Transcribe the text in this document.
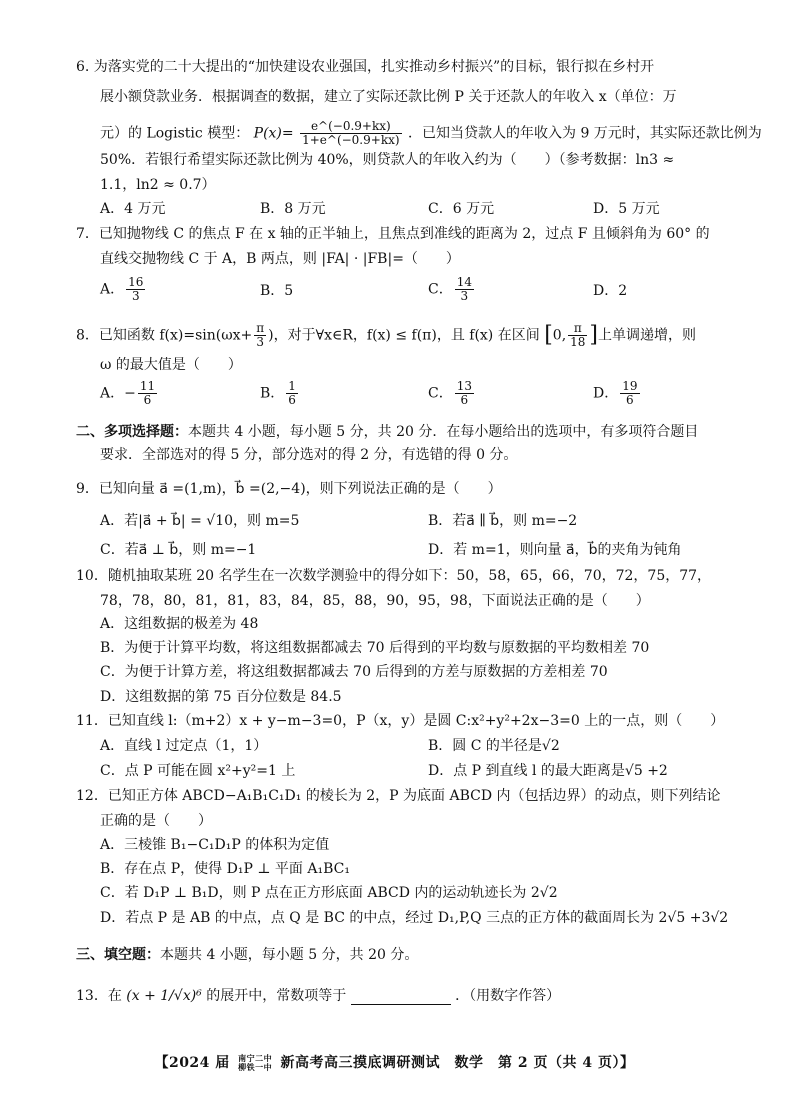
6. 为落实党的二十大提出的“加快建设农业强国，扎实推动乡村振兴”的目标，银行拟在乡村开
展小额贷款业务．根据调查的数据，建立了实际还款比例 P 关于还款人的年收入 x（单位：万
元）的 Logistic 模型： $P(x)= \frac{e\^{}(-0.9+kx)}{1+e\^{}(-0.9+kx)}$ ．已知当贷款人的年收入为 9 万元时，其实际还款比例为
50%．若银行希望实际还款比例为 40%，则贷款人的年收入约为（　　）（参考数据：ln3 ≈
1.1，ln2 ≈ 0.7）
A．4 万元	B．8 万元	C．6 万元	D．5 万元
7．已知抛物线 C 的焦点 F 在 x 轴的正半轴上，且焦点到准线的距离为 2，过点 F 且倾斜角为 60° 的
直线交抛物线 C 于 A，B 两点，则 |FA| · |FB|=（　　）
A． $\frac{16}{3}$	B．5	C． $\frac{14}{3}$	D．2
8．已知函数 $f(x)=\sin(\omega x+ \frac{\pi}{3}$ )，对于∀x∈R，f(x) ≤ f(π)，且 f(x) 在区间 [0, $\frac{\pi}{18}$ ]上单调递增，则
ω 的最大值是（　　）
A．− $\frac{11}{6}$	B． $\frac{1}{6}$	C． $\frac{13}{6}$	D． $\frac{19}{6}$
二、多项选择题：本题共 4 小题，每小题 5 分，共 20 分．在每小题给出的选项中，有多项符合题目
要求．全部选对的得 5 分，部分选对的得 2 分，有选错的得 0 分。
9．已知向量 a⃗ =(1,m)，b⃗ =(2,−4)，则下列说法正确的是（　　）
A．若|a⃗ + b⃗| = √10，则 m=5	B．若a⃗ ∥ b⃗，则 m=−2
C．若a⃗ ⊥ b⃗，则 m=−1	D．若 m=1，则向量 a⃗，b⃗的夹角为钝角
10．随机抽取某班 20 名学生在一次数学测验中的得分如下：50，58，65，66，70，72，75，77，
78，78，80，81，81，83，84，85，88，90，95，98，下面说法正确的是（　　）
A．这组数据的极差为 48
B．为便于计算平均数，将这组数据都减去 70 后得到的平均数与原数据的平均数相差 70
C．为便于计算方差，将这组数据都减去 70 后得到的方差与原数据的方差相差 70
D．这组数据的第 75 百分位数是 84.5
11．已知直线 l:（m+2）x + y−m−3=0，P（x，y）是圆 C:x²+y²+2x−3=0 上的一点，则（　　）
A．直线 l 过定点（1，1）	B．圆 C 的半径是√2
C．点 P 可能在圆 x²+y²=1 上	D．点 P 到直线 l 的最大距离是√5 +2
12．已知正方体 ABCD−A₁B₁C₁D₁ 的棱长为 2，P 为底面 ABCD 内（包括边界）的动点，则下列结论
正确的是（　　）
A．三棱锥 B₁−C₁D₁P 的体积为定值
B．存在点 P，使得 D₁P ⊥ 平面 A₁BC₁
C．若 D₁P ⊥ B₁D，则 P 点在正方形底面 ABCD 内的运动轨迹长为 2√2
D．若点 P 是 AB 的中点，点 Q 是 BC 的中点，经过 D₁,P,Q 三点的正方体的截面周长为 2√5 +3√2
三、填空题：本题共 4 小题，每小题 5 分，共 20 分。
13．在 (x + 1/√x)⁶ 的展开中，常数项等于	．（用数字作答）
【2024 届 南宁二中
柳铁一中 新高考高三摸底调研测试　数学　第 2 页（共 4 页）】
